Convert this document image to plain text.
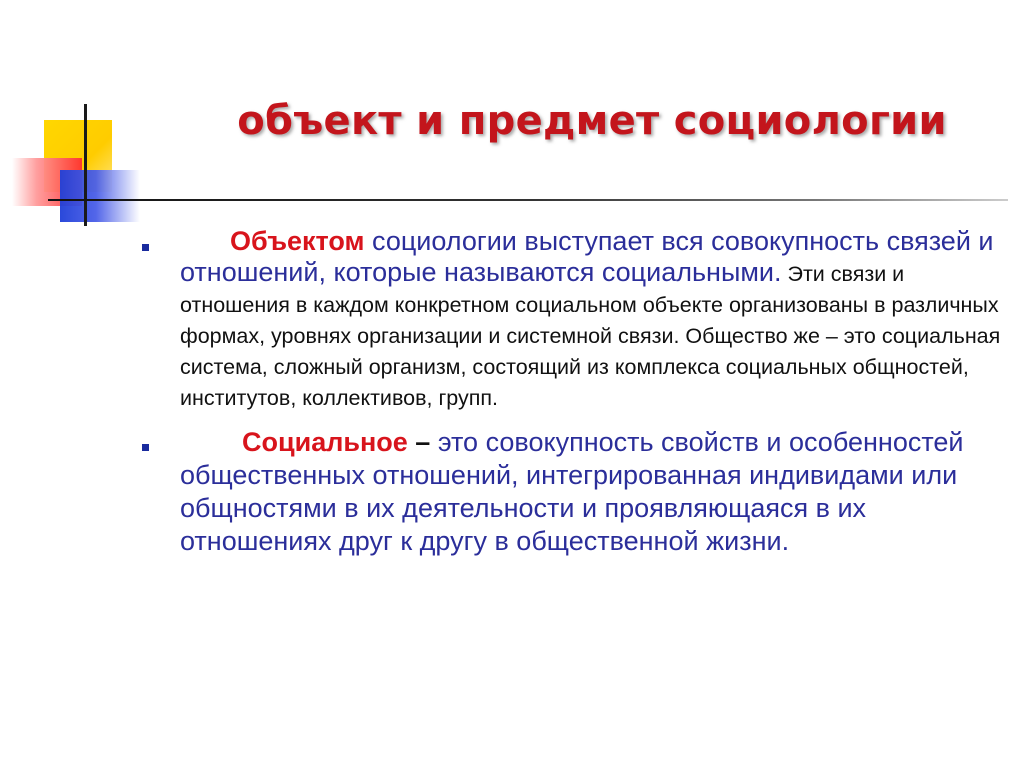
объект и предмет социологии

Объектом социологии выступает вся совокупность связей и отношений, которые называются социальными. Эти связи и отношения в каждом конкретном социальном объекте организованы в различных формах, уровнях организации и системной связи. Общество же – это социальная система, сложный организм, состоящий из комплекса социальных общностей, институтов, коллективов, групп.

Социальное – это совокупность свойств и особенностей общественных отношений, интегрированная индивидами или общностями в их деятельности и проявляющаяся в их отношениях друг к другу в общественной жизни.
